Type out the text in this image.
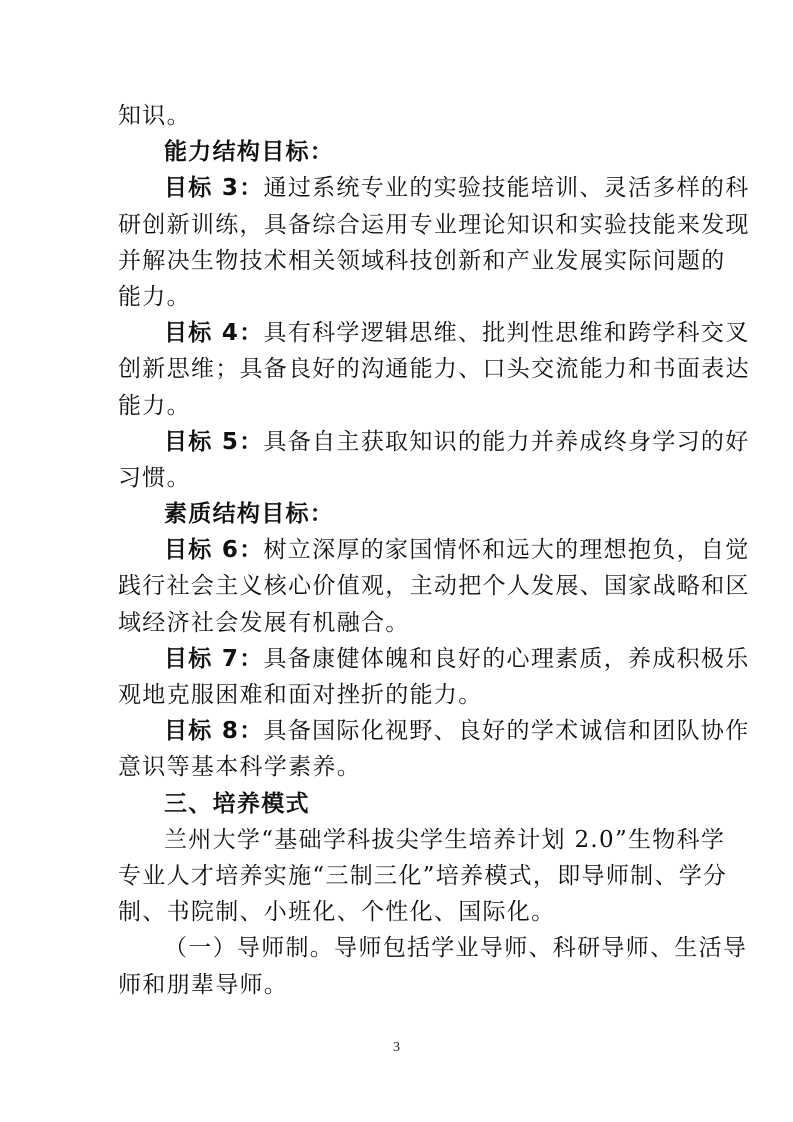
知识。
能力结构目标：
目标 3：通过系统专业的实验技能培训、灵活多样的科
研创新训练，具备综合运用专业理论知识和实验技能来发现
并解决生物技术相关领域科技创新和产业发展实际问题的
能力。
目标 4：具有科学逻辑思维、批判性思维和跨学科交叉
创新思维；具备良好的沟通能力、口头交流能力和书面表达
能力。
目标 5：具备自主获取知识的能力并养成终身学习的好
习惯。
素质结构目标：
目标 6：树立深厚的家国情怀和远大的理想抱负，自觉
践行社会主义核心价值观，主动把个人发展、国家战略和区
域经济社会发展有机融合。
目标 7：具备康健体魄和良好的心理素质，养成积极乐
观地克服困难和面对挫折的能力。
目标 8：具备国际化视野、良好的学术诚信和团队协作
意识等基本科学素养。
三、培养模式
兰州大学“基础学科拔尖学生培养计划 2.0”生物科学
专业人才培养实施“三制三化”培养模式，即导师制、学分
制、书院制、小班化、个性化、国际化。
（一）导师制。导师包括学业导师、科研导师、生活导
师和朋辈导师。
3
